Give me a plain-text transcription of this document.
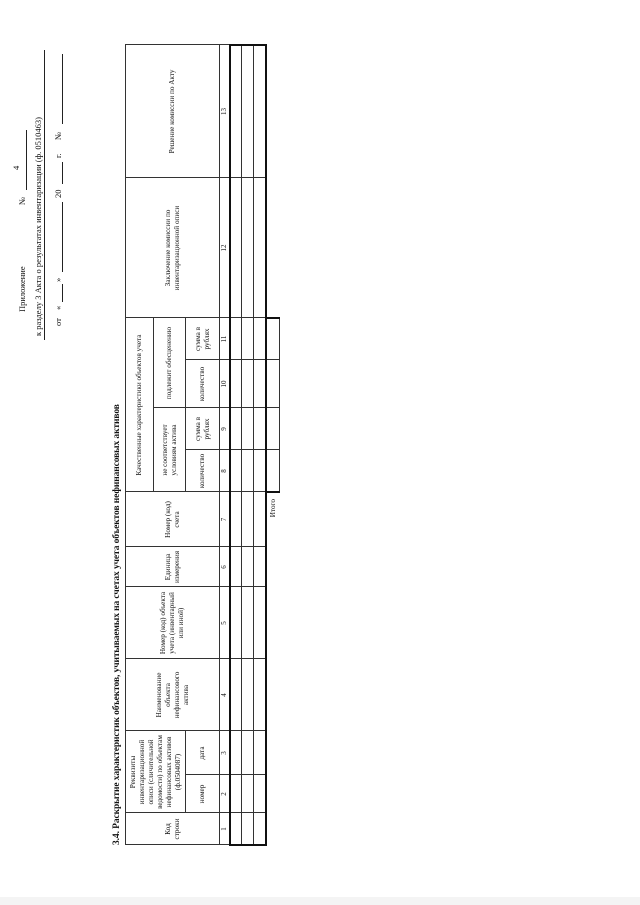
Приложение
№
4 к разделу 3 Акта о результатах инвентаризации (ф. 0510463) от
«
»
20
г.
№
3.4. Раскрытие характеристик объектов, учитываемых на счетах учета объектов нефинансовых активов	Код строки	Реквизиты инвентаризационной описи (сличительной ведомости) по объектам нефинансовых активов (ф.0504087)		Наименование объекта нефинансового актива	Номер (код) объекта учета (инвентарный или иной)	Единица измерения	Номер (код) счета	Качественные характеристики объектов учета				Заключение комиссии по инвентаризационной описи	Решение комиссии по Акту
							не соответствует условиям актива		подлежит обесценению			
	номер	дата					количество	сумма в рублях	количество	сумма в рублях		
1	2	3	4	5	6	7	8	9	10	11	12	13

Итого												
